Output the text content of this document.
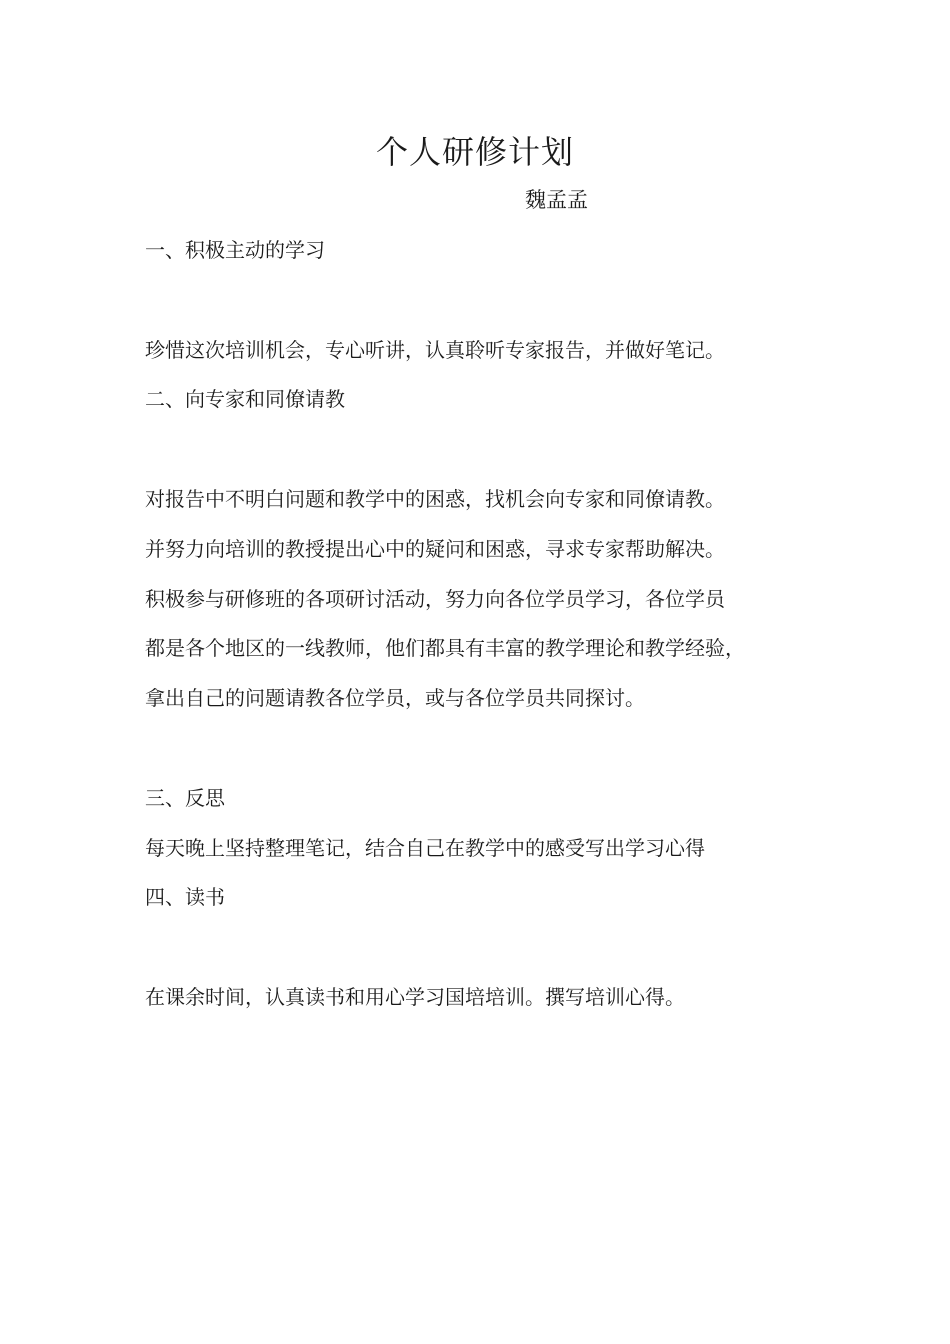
个人研修计划
魏孟孟
一、积极主动的学习
珍惜这次培训机会，专心听讲，认真聆听专家报告，并做好笔记。
二、向专家和同僚请教
对报告中不明白问题和教学中的困惑，找机会向专家和同僚请教。
并努力向培训的教授提出心中的疑问和困惑，寻求专家帮助解决。
积极参与研修班的各项研讨活动，努力向各位学员学习，各位学员
都是各个地区的一线教师，他们都具有丰富的教学理论和教学经验，
拿出自己的问题请教各位学员，或与各位学员共同探讨。
三、反思
每天晚上坚持整理笔记，结合自己在教学中的感受写出学习心得
四、读书
在课余时间，认真读书和用心学习国培培训。撰写培训心得。
